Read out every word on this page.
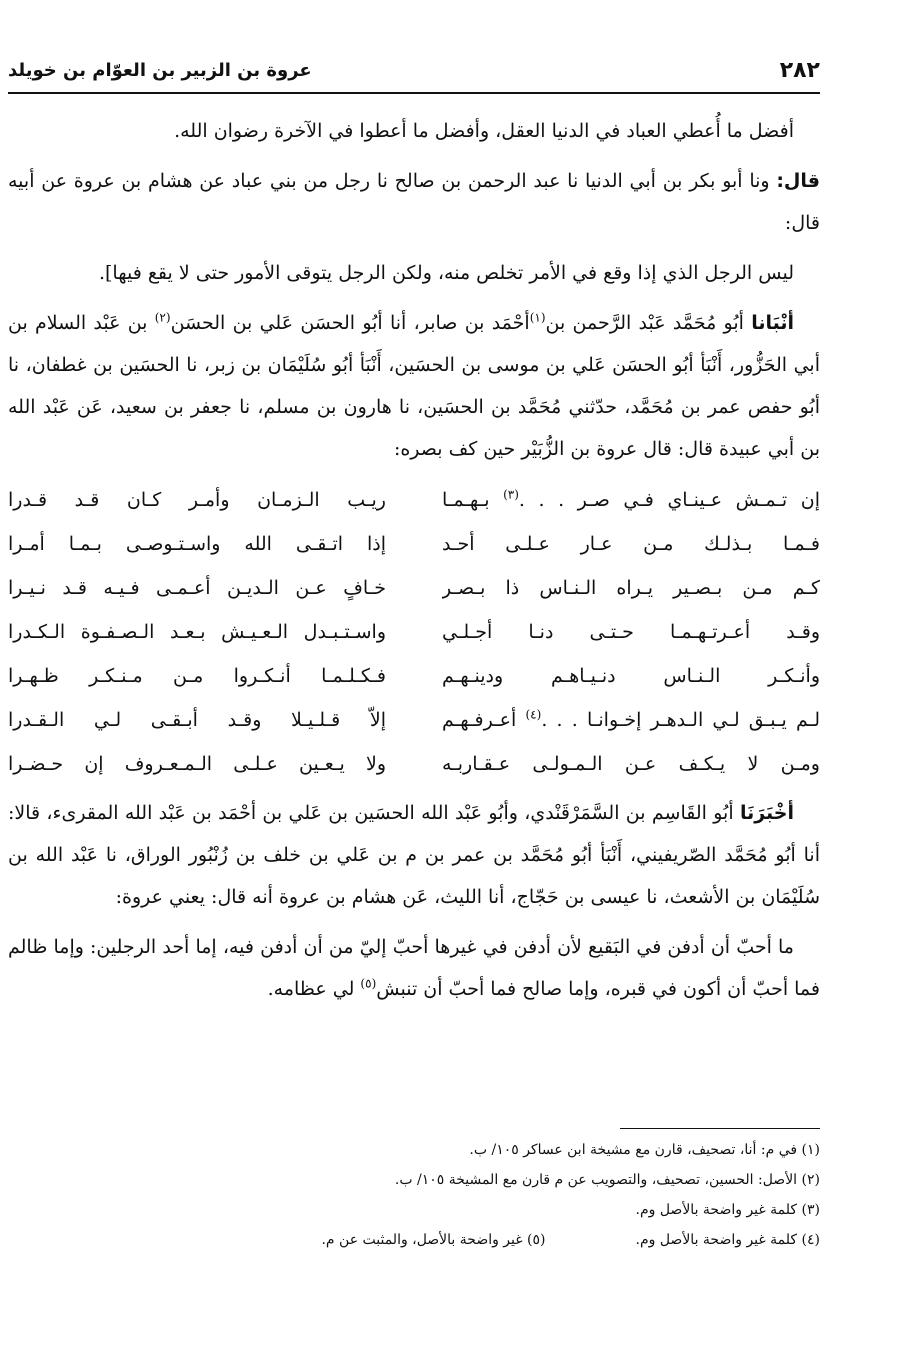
٢٨٢
عروة بن الزبير بن العوّام بن خويلد

أفضل ما أُعطي العباد في الدنيا العقل، وأفضل ما أعطوا في الآخرة رضوان الله.

قال: ونا أبو بكر بن أبي الدنيا نا عبد الرحمن بن صالح نا رجل من بني عباد عن هشام بن عروة عن أبيه قال:

ليس الرجل الذي إذا وقع في الأمر تخلص منه، ولكن الرجل يتوقى الأمور حتى لا يقع فيها].

أنْبَانا أبُو مُحَمَّد عَبْد الرَّحمن بن$^{(١)}$أحْمَد بن صابر، أنا أبُو الحسَن عَلي بن الحسَن$^{(٢)}$ بن عَبْد السلام بن أبي الحَزُّور، أَنْبَأ أبُو الحسَن عَلي بن موسى بن الحسَين، أَنْبَأ أبُو سُلَيْمَان بن زبر، نا الحسَين بن غطفان، نا أبُو حفص عمر بن مُحَمَّد، حدّثني مُحَمَّد بن الحسَين، نا هارون بن مسلم، نا جعفر بن سعيد، عَن عَبْد الله بن أبي عبيدة قال: قال عروة بن الزُّبَيْر حين كف بصره:

إن تـمـش عـينـاي فـي صـر . . .$^{(٣)}$ بـهـمـا
ريـب الـزمـان وأمـر كـان قـد قـدرا
فـمـا بـذلـك مـن عـار عـلـى أحـد
إذا اتـقـى الله واسـتـوصـى بـمـا أمـرا
كـم مـن بـصـير يـراه الـنـاس ذا بـصـر
خـافٍ عـن الـديـن أعـمـى فـيـه قـد نـيـرا
وقـد أعـرتـهـمـا حـتـى دنـا أجـلـي
واسـتـبـدل الـعـيـش بـعـد الـصـفـوة الـكـدرا
وأنـكـر الـنـاس دنـيـاهـم ودينـهـم
فـكـلـمـا أنـكـروا مـن مـنـكـر ظـهـرا
لـم يـبـق لـي الـدهـر إخـوانـا . . .$^{(٤)}$ أعـرفـهـم
إلاّ قـلـيـلا وقـد أبـقـى لـي الـقـدرا
ومـن لا يـكـف عـن الـمـولـى عـقـاربـه
ولا يـعـين عـلـى الـمـعـروف إن حـضـرا

أخْبَرَنَا أبُو القَاسِم بن السَّمَرْقَنْدي، وأبُو عَبْد الله الحسَين بن عَلي بن أحْمَد بن عَبْد الله المقرىء، قالا: أنا أبُو مُحَمَّد الصّريفيني، أَنْبَأ أبُو مُحَمَّد بن عمر بن م بن عَلي بن خلف بن زُنْبُور الوراق، نا عَبْد الله بن سُلَيْمَان بن الأشعث، نا عيسى بن حَجّاج، أنا الليث، عَن هشام بن عروة أنه قال: يعني عروة:

ما أحبّ أن أدفن في البَقيع لأن أدفن في غيرها أحبّ إليّ من أن أدفن فيه، إما أحد الرجلين: وإما ظالم فما أحبّ أن أكون في قبره، وإما صالح فما أحبّ أن تنبش$^{(٥)}$ لي عظامه.

(١) في م: أنا، تصحيف، قارن مع مشيخة ابن عساكر ١٠٥/ ب.
(٢) الأصل: الحسين، تصحيف، والتصويب عن م قارن مع المشيخة ١٠٥/ ب.
(٣) كلمة غير واضحة بالأصل وم.
(٤) كلمة غير واضحة بالأصل وم.
(٥) غير واضحة بالأصل، والمثبت عن م.
